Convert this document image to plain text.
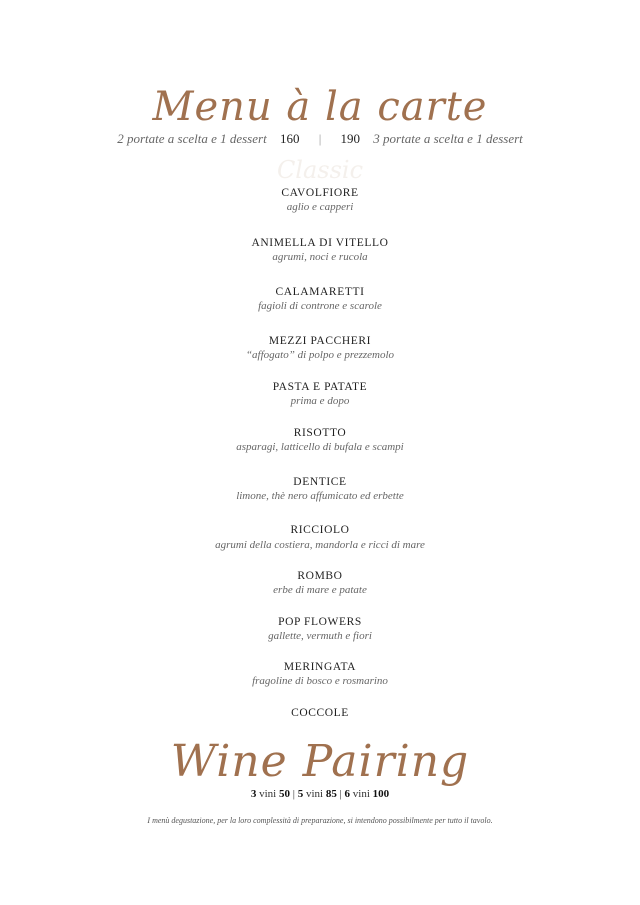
Classic
Menu à la carte
2 portate a scelta e 1 dessert 160 | 190 3 portate a scelta e 1 dessert
CAVOLFIORE
aglio e capperi
ANIMELLA DI VITELLO
agrumi, noci e rucola
CALAMARETTI
fagioli di controne e scarole
MEZZI PACCHERI
“affogato” di polpo e prezzemolo
PASTA E PATATE
prima e dopo
RISOTTO
asparagi, latticello di bufala e scampi
DENTICE
limone, thè nero affumicato ed erbette
RICCIOLO
agrumi della costiera, mandorla e ricci di mare
ROMBO
erbe di mare e patate
POP FLOWERS
gallette, vermuth e fiori
MERINGATA
fragoline di bosco e rosmarino
COCCOLE
Wine Pairing
3 vini 50 | 5 vini 85 | 6 vini 100
I menù degustazione, per la loro complessità di preparazione, si intendono possibilmente per tutto il tavolo.
